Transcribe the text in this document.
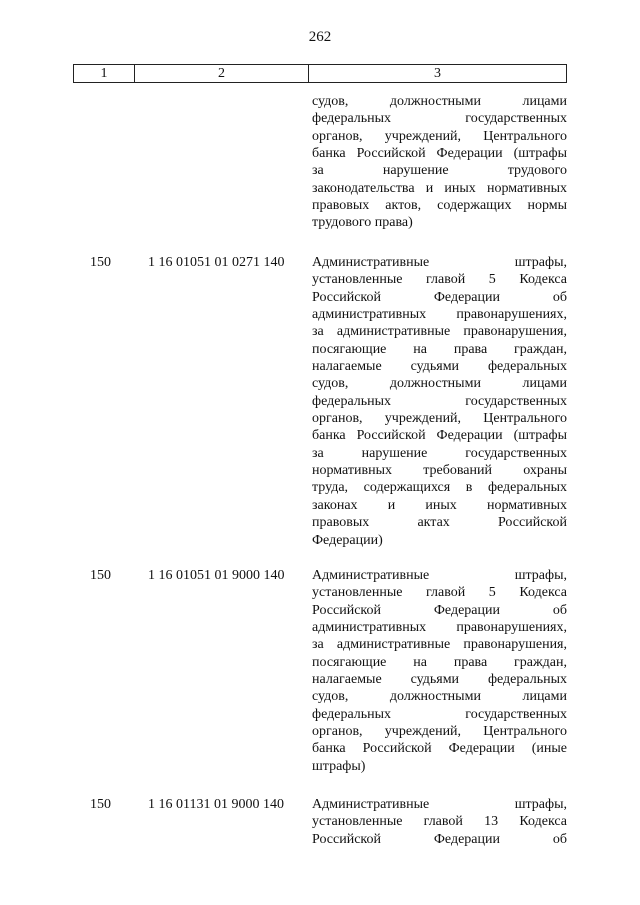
262
1	2	3
судов, должностными лицами
федеральных государственных
органов, учреждений, Центрального
банка Российской Федерации (штрафы
за нарушение трудового
законодательства и иных нормативных
правовых актов, содержащих нормы
трудового права)
150	1 16 01051 01 0271 140	Административные штрафы,
установленные главой 5 Кодекса
Российской Федерации об
административных правонарушениях,
за административные правонарушения,
посягающие на права граждан,
налагаемые судьями федеральных
судов, должностными лицами
федеральных государственных
органов, учреждений, Центрального
банка Российской Федерации (штрафы
за нарушение государственных
нормативных требований охраны
труда, содержащихся в федеральных
законах и иных нормативных
правовых актах Российской
Федерации)
150	1 16 01051 01 9000 140	Административные штрафы,
установленные главой 5 Кодекса
Российской Федерации об
административных правонарушениях,
за административные правонарушения,
посягающие на права граждан,
налагаемые судьями федеральных
судов, должностными лицами
федеральных государственных
органов, учреждений, Центрального
банка Российской Федерации (иные
штрафы)
150	1 16 01131 01 9000 140	Административные штрафы,
установленные главой 13 Кодекса
Российской Федерации об
